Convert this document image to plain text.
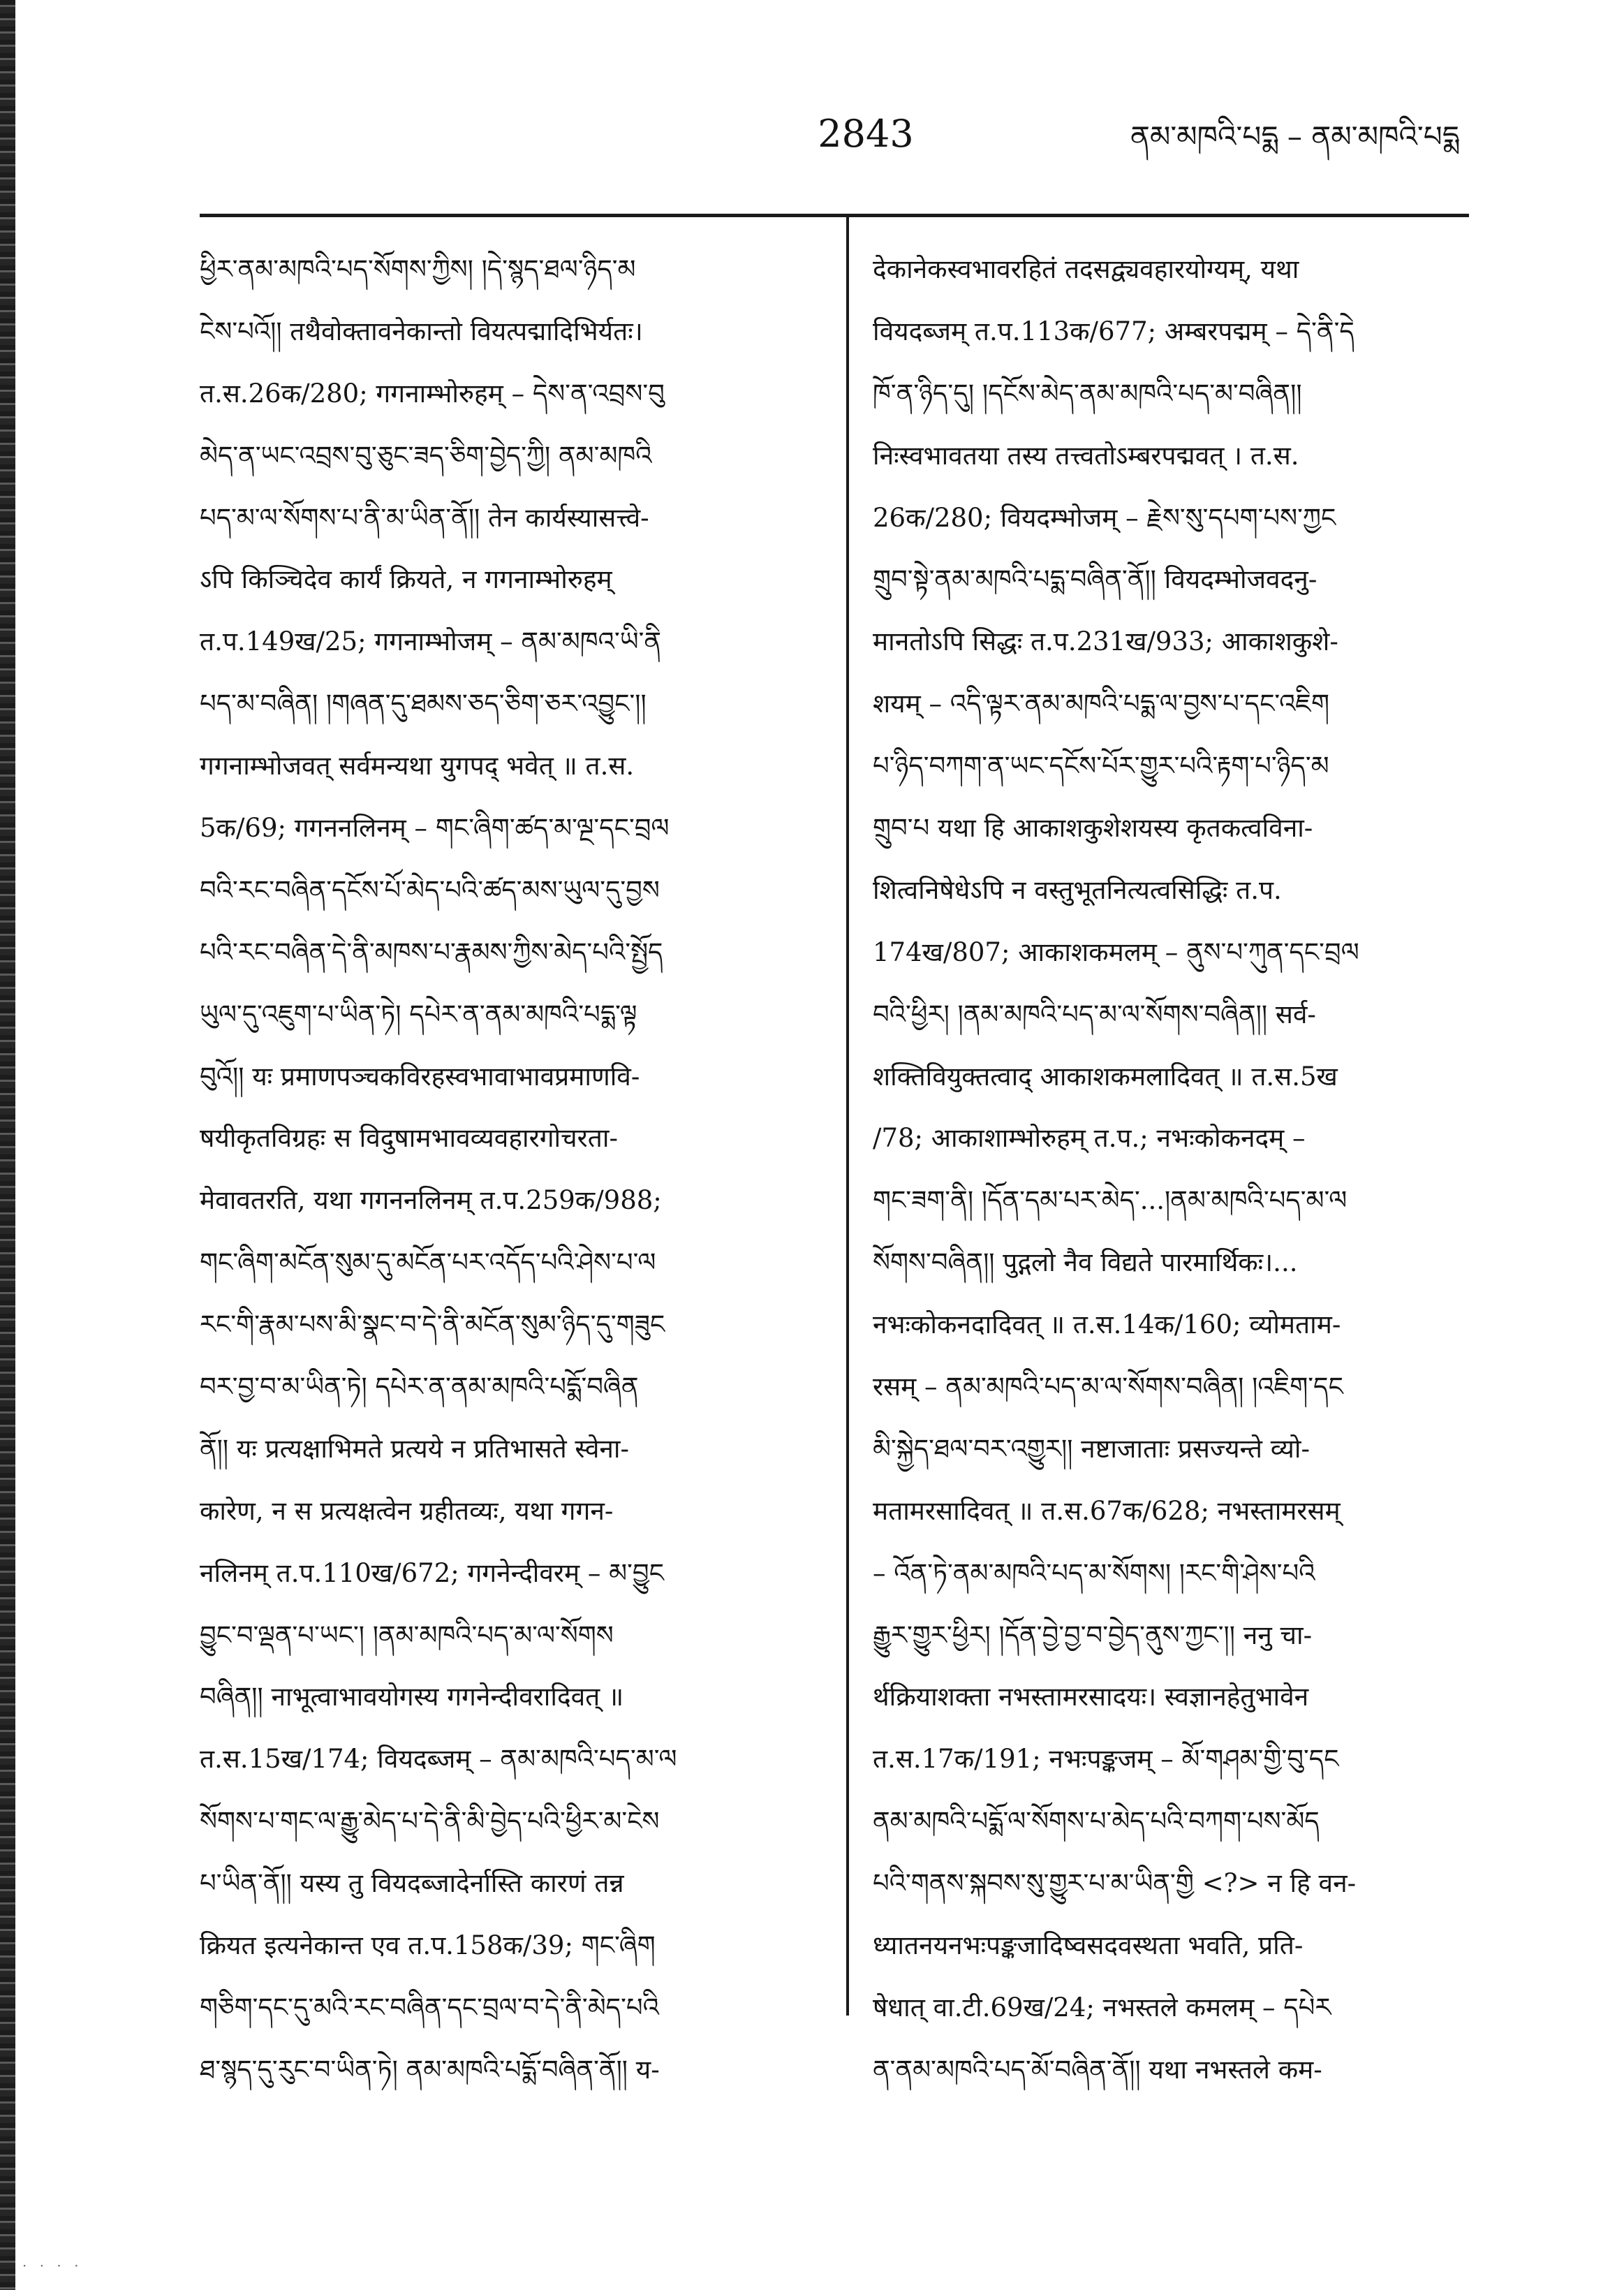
2843	ནམ་མཁའི་པདྨ – ནམ་མཁའི་པདྨ
ཕྱིར་ནམ་མཁའི་པད་སོགས་ཀྱིས། །དེ་སྙད་ཐལ་ཉིད་མ
ངེས་པའོ།། तथैवोक्तावनेकान्तो वियत्पद्मादिभिर्यतः।
त.स.26क/280; गगनाम्भोरुहम् – དེས་ན་འབྲས་བུ
མེད་ན་ཡང་འབྲས་བུ་ཅུང་ཟད་ཅིག་བྱེད་ཀྱི། ནམ་མཁའི
པད་མ་ལ་སོགས་པ་ནི་མ་ཡིན་ནོ།། तेन कार्यस्यासत्त्वे-
ऽपि किञ्चिदेव कार्यं क्रियते, न गगनाम्भोरुहम्
त.प.149ख/25; गगनाम्भोजम् – ནམ་མཁའ་ཡི་ནི
པད་མ་བཞིན། །གཞན་དུ་ཐམས་ཅད་ཅིག་ཅར་འབྱུང་།།
गगनाम्भोजवत् सर्वमन्यथा युगपद् भवेत् ॥ त.स.
5क/69; गगननलिनम् – གང་ཞིག་ཚད་མ་ལྔ་དང་བྲལ
བའི་རང་བཞིན་དངོས་པོ་མེད་པའི་ཚད་མས་ཡུལ་དུ་བྱས
པའི་རང་བཞིན་དེ་ནི་མཁས་པ་རྣམས་ཀྱིས་མེད་པའི་སྤྱོད
ཡུལ་དུ་འཇུག་པ་ཡིན་ཏེ། དཔེར་ན་ནམ་མཁའི་པདྨ་ལྟ
བུའོ།། यः प्रमाणपञ्चकविरहस्वभावाभावप्रमाणवि-
षयीकृतविग्रहः स विदुषामभावव्यवहारगोचरता-
मेवावतरति, यथा गगननलिनम् त.प.259क/988;
གང་ཞིག་མངོན་སུམ་དུ་མངོན་པར་འདོད་པའི་ཤེས་པ་ལ
རང་གི་རྣམ་པས་མི་སྣང་བ་དེ་ནི་མངོན་སུམ་ཉིད་དུ་གཟུང
བར་བྱ་བ་མ་ཡིན་ཏེ། དཔེར་ན་ནམ་མཁའི་པདྨོ་བཞིན
ནོ།། यः प्रत्यक्षाभिमते प्रत्यये न प्रतिभासते स्वेना-
कारेण, न स प्रत्यक्षत्वेन ग्रहीतव्यः, यथा गगन-
नलिनम् त.प.110ख/672; गगनेन्दीवरम् – མ་བྱུང
བྱུང་བ་ལྡན་པ་ཡང་། །ནམ་མཁའི་པད་མ་ལ་སོགས
བཞིན།། नाभूत्वाभावयोगस्य गगनेन्दीवरादिवत् ॥
त.स.15ख/174; वियदब्जम् – ནམ་མཁའི་པད་མ་ལ
སོགས་པ་གང་ལ་རྒྱུ་མེད་པ་དེ་ནི་མི་བྱེད་པའི་ཕྱིར་མ་ངེས
པ་ཡིན་ནོ།། यस्य तु वियदब्जादेर्नास्ति कारणं तन्न
क्रियत इत्यनेकान्त एव त.प.158क/39; གང་ཞིག
གཅིག་དང་དུ་མའི་རང་བཞིན་དང་བྲལ་བ་དེ་ནི་མེད་པའི
ཐ་སྙད་དུ་རུང་བ་ཡིན་ཏེ། ནམ་མཁའི་པདྨོ་བཞིན་ནོ།། य-
देकानेकस्वभावरहितं तदसद्व्यवहारयोग्यम्, यथा
वियदब्जम् त.प.113क/677; अम्बरपद्मम् – དེ་ནི་དེ
ཁོ་ན་ཉིད་དུ། །དངོས་མེད་ནམ་མཁའི་པད་མ་བཞིན།།
निःस्वभावतया तस्य तत्त्वतोऽम्बरपद्मवत् । त.स.
26क/280; वियदम्भोजम् – རྗེས་སུ་དཔག་པས་ཀྱང
གྲུབ་སྟེ་ནམ་མཁའི་པདྨ་བཞིན་ནོ།། वियदम्भोजवदनु-
मानतोऽपि सिद्धः त.प.231ख/933; आकाशकुशे-
शयम् – འདི་ལྟར་ནམ་མཁའི་པདྨ་ལ་བྱས་པ་དང་འཇིག
པ་ཉིད་བཀག་ན་ཡང་དངོས་པོར་གྱུར་པའི་རྟག་པ་ཉིད་མ
གྲུབ་པ यथा हि आकाशकुशेशयस्य कृतकत्वविना-
शित्वनिषेधेऽपि न वस्तुभूतनित्यत्वसिद्धिः त.प.
174ख/807; आकाशकमलम् – ནུས་པ་ཀུན་དང་བྲལ
བའི་ཕྱིར། །ནམ་མཁའི་པད་མ་ལ་སོགས་བཞིན།། सर्व-
शक्तिवियुक्तत्वाद् आकाशकमलादिवत् ॥ त.स.5ख
/78; आकाशाम्भोरुहम् त.प.; नभःकोकनदम् –
གང་ཟག་ནི། །དོན་དམ་པར་མེད་...།ནམ་མཁའི་པད་མ་ལ
སོགས་བཞིན།། पुद्गलो नैव विद्यते पारमार्थिकः।...
नभःकोकनदादिवत् ॥ त.स.14क/160; व्योमताम-
रसम् – ནམ་མཁའི་པད་མ་ལ་སོགས་བཞིན། །འཇིག་དང
མི་སྐྱེད་ཐལ་བར་འགྱུར།། नष्टाजाताः प्रसज्यन्ते व्यो-
मतामरसादिवत् ॥ त.स.67क/628; नभस्तामरसम्
– འོན་ཏེ་ནམ་མཁའི་པད་མ་སོགས། །རང་གི་ཤེས་པའི
རྒྱུར་གྱུར་ཕྱིར། །དོན་བྱེ་བྱ་བ་བྱེད་ནུས་ཀྱང་།། ननु चा-
र्थक्रियाशक्ता नभस्तामरसादयः। स्वज्ञानहेतुभावेन
त.स.17क/191; नभःपङ्कजम् – མོ་གཤམ་གྱི་བུ་དང
ནམ་མཁའི་པདྨོ་ལ་སོགས་པ་མེད་པའི་བཀག་པས་མོད
པའི་གནས་སྐབས་སུ་གྱུར་པ་མ་ཡིན་གྱི <?> न हि वन-
ध्यातनयनभःपङ्कजादिष्वसदवस्थता भवति, प्रति-
षेधात् वा.टी.69ख/24; नभस्तले कमलम् – དཔེར
ན་ནམ་མཁའི་པད་མོ་བཞིན་ནོ།། यथा नभस्तले कम-
· · · ·
